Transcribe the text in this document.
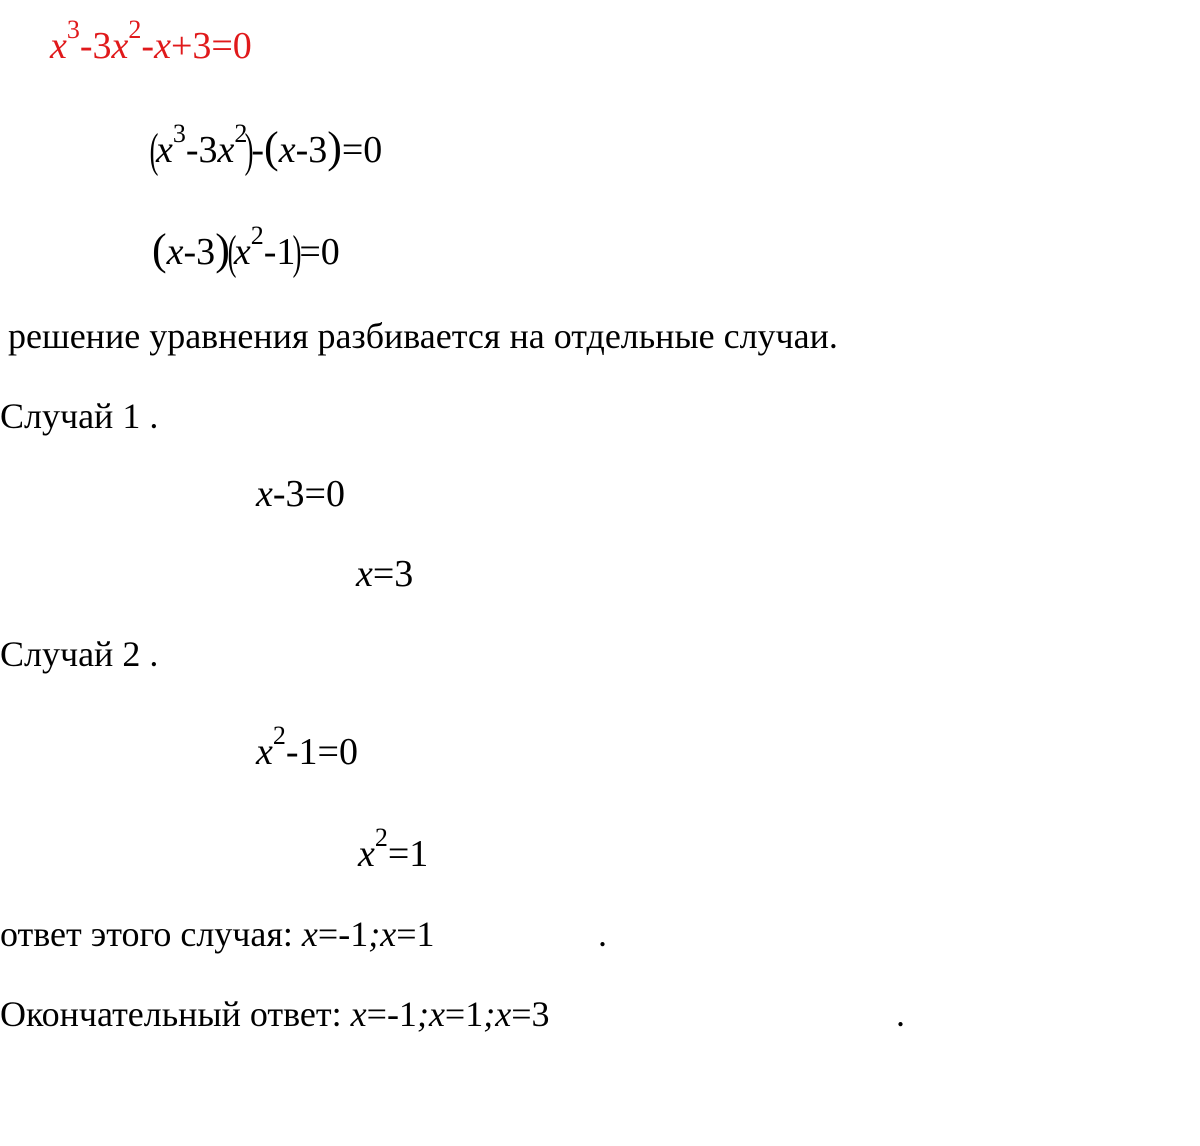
$x^3-3x^2-x+3=0$
$(x^3-3x^2)-(x-3)=0$
$(x-3)(x^2-1)=0$
решение уравнения разбивается на отдельные случаи.
Случай 1 .
x-3=0
x=3
Случай 2 .
$x^2-1=0$
$x^2=1$
ответ этого случая: x=-1;x=1	.
Окончательный ответ: x=-1;x=1;x=3	.
